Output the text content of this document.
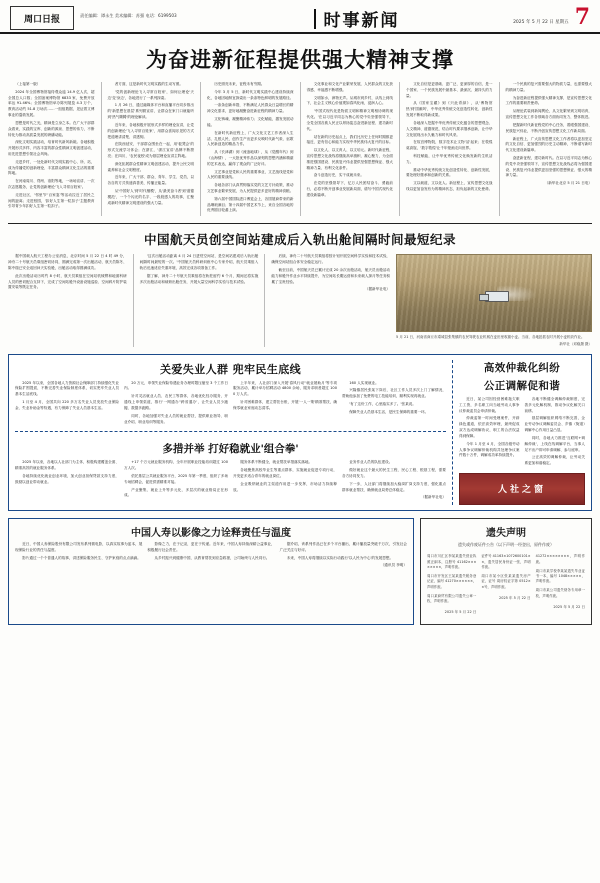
周口日报	责任编辑：谭永生 美术编辑：苏强 电话：6199503	时事新闻	2025 年 5 月 22 日 星期五 7
为奋进新征程提供强大精神支撑

（上接第一版）

2024 年全国博物馆接待观众逾 14.9 亿人次，超全国总人口数；全国备案博物馆 6833 家，免费开放率达 91.46%；全国博物馆举办陈列展览 4.3 万个，教育活动约 51.8 万场次……一组组数据，见证着文博事业的蓬勃发展。

思想是时代之光，精神是立身之本。在广大干部群众看来，实践的宝库、创新的源泉、思想的伟力，不断转化为推动高质量发展的磅礴动能。

深化文明实践活动，培育时代新风新貌。各地积极开展形式多样、内容丰富的群众性精神文明创建活动，用先进思想引领社会风尚。

走进乡村，一处处新时代文明实践中心、所、站，成为传播党的创新理论、丰富群众精神文化生活的重要阵地。

在河南周川、郑州、洛阳等地，一场场宣讲、一次次志愿服务，让党的创新理论'飞入寻常百姓家'。

走进社区，'邻里节''百家宴'等活动拉近了居民之间的距离；走进校园，'扣好人生第一粒扣子'主题教育引导青少年扣好人生第一粒扣子。

者方面，这是新时代文明实践的生动写照。

'党的创新理论飞入寻常百姓家'，如何让理论'天边'变'身边'，各地进行了一系列探索。

1 月 26 日，通过融媒体平台和直播平台同步推出的'新思想在基层'系列微宣讲，让群众在家门口就能听到'热气腾腾'的理论解读。

近年来，各地积极开展形式多样的理论宣讲，让党的创新理论'飞入寻常百姓家'，用群众喜闻乐见的方式把道理讲清楚、讲透彻。

在陕西延安，干部群众围坐在一起，用'板凳会'的形式交流学习体会；在浙江，'浙江宣讲'品牌不断擦亮；在四川，'农民夜校'成为基层理论宣讲主阵地。

深化拓展群众性精神文明创建活动，提升公民文明素养和社会文明程度。

近年来，广大干部、群众、青年、学生、党员，以各自的方式传递真善美、传播正能量。

从'中国好人'到'时代楷模'，从'最美奋斗者'到'道德模范'，一个个闪光的名字、一段段感人的故事，汇聚成新时代精神文明建设的强大力量。

历史照亮未来，征程未有穷期。

今年 3 月 5 日，新时代文明实践中心建设持续深化，各地因地制宜探索出一条条特色鲜明的发展路径。

一条条创新举措，不断满足人民群众日益增长的精神文化需求，更好地凝聚奋进新征程的精神力量。

文化铸魂，凝聚精神伟力；文化赋能，激发发展动能。

在新时代新征程上，广大文化文艺工作者深入生活、扎根人民，创作生产出更多反映时代新气象、讴歌人民新创造的精品力作。

从《长津湖》到《流浪地球》，从《觉醒年代》到《山海情》，一大批优秀作品以深刻的思想内涵和精湛的艺术表达，赢得了观众的广泛好评。

文艺事业是党和人民的重要事业，文艺战线是党和人民的重要战线。

各地各部门认真贯彻落实党的文艺方针政策，推动文艺事业繁荣发展，为人民提供更多更好的精神食粮。

第六届中国国际进口博览会上，各国展商带来的新品琳琅满目；第十四届中国艺术节上，来自全国各地的优秀剧目轮番上演。

文化事业和文化产业繁荣发展，人民群众的文化获得感、幸福感不断增强。

文明如水，润物无声。从城市到乡村，从线上到线下，社会主义核心价值观如春风化雨，浸润人心。

'中国式现代化是物质文明和精神文明相协调的现代化。'在以习近平同志为核心的党中央坚强领导下，全党全国各族人民正以昂扬姿态奋进新征程、建功新时代。

站在新的历史起点上，我们比历史上任何时期都更接近、更有信心和能力实现中华民族伟大复兴的目标。

以文化人、以文育人、以文培元。新时代新征程，宣传思想文化战线将继续高举旗帜、凝心聚力，为全面推进强国建设、民族复兴伟业提供坚强思想保证、强大精神力量、有利文化条件。

奋斗创造历史，实干成就未来。

在党的坚强领导下，亿万人民团结奋斗、勇毅前行，必将不断开创事业发展新局面，谱写中国式现代化建设新篇章。

文化自信是更基础、更广泛、更深厚的自信，是一个国家、一个民族发展中最基本、最深沉、最持久的力量。

从《国家宝藏》到《只此青绿》，从'博物馆热'到'国潮风'，中华优秀传统文化创造性转化、创新性发展不断取得新成果。

各地深入挖掘中华优秀传统文化蕴含的思想观念、人文精神、道德规范，结合时代要求继承创新，让中华文化展现出永久魅力和时代风采。

在故宫博物院，数字技术让文物'活'起来；在敦煌莫高窟，'数字敦煌'让千年壁画走向世界。

科技赋能，让中华优秀传统文化焕发新的生机活力。

推动中华优秀传统文化创造性转化、创新性发展，要处理好继承和创新的关系。

文以载道，文以化人。新征程上，宣传思想文化战线以更加奋发有为的精神状态，担负起新的文化使命。

一个民族的复兴需要强大的物质力量，也需要强大的精神力量。

为奋进新征程提供强大精神支撑，是宣传思想文化工作的重要职责使命。

从理论武装到新闻舆论，从文化繁荣到文明培育，宣传思想文化工作各领域各方面协同发力、整体推进。

把握新时代新征程党的中心任务，着眼强国建设、民族复兴伟业，不断开创宣传思想文化工作新局面。

新征程上，广大宣传思想文化工作者将以更加坚定的文化自信、更加强烈的历史主动精神，不断谱写新时代文化建设新篇章。

奋进新征程，建功新时代。在以习近平同志为核心的党中央坚强领导下，宣传思想文化战线必将为强国建设、民族复兴伟业提供更加坚强的思想保证、强大的精神力量。

（新华社北京 5 月 21 日电）

中国航天员创空间站建成后入轨出舱间隔时间最短纪录

据中国载人航天工程办公室消息，北京时间 5 月 22 日 4 时 49 分，神舟二十号航天员乘组密切协同，圆满完成第一次出舱活动，航天员陈冬、陈中瑞已安全返回问天实验舱，出舱活动取得圆满成功。

此次出舱活动历时约 8 小时，航天员乘组在空间站机械臂和地面科研人员的密切配合支持下，完成了空间站舱外设备设施巡检、空间碎片防护装置安装等既定任务。

'这次出舱活动距离 4 月 24 日进驻空间站，是空间站建成后入轨出舱间隔时间最短的一次。'中国航天员科研训练中心专家介绍，航天员乘组入轨后迅速适应失重环境，高效完成各项准备工作。

据了解，神舟二十号航天员乘组将在轨驻留约 6 个月，期间还将实施多次出舱活动和载荷出舱任务，开展大量空间科学实验与技术试验。

后续，神舟二十号航天员乘组将按计划开展空间科学实验和技术试验，确保空间站组合体安全稳定运行。

截至目前，中国航天员已累计完成 20 余次出舱活动，航天员出舱活动能力和舱外作业水平持续提升，为空间站长期运营和未来载人探月等任务积累了宝贵经验。

（据新华社电）

5 月 21 日，河南省商丘市虞城县张集镇的农民驾驶农业机械在麦田里收割小麦。当前，各地抢抓农时开展小麦机收作业。
新华社（邓稳摄 摄）
关爱失业人群 兜牢民生底线

2025 年以来，全国各地人力资源社会保障部门持续强化失业保险扩围提质，不断完善失业保险制度体系，切实兜牢失业人员基本生活底线。

1 月至 4 月，全国共向 220 多万名失业人员发放失业保险金、失业补助金等待遇，有力保障了失业人员基本生活。

20 万元，申领失业保险待遇业务办理时限压缩至 3 个工作日内。

针对灵活就业人员、农民工等群体，各地优化经办服务，开通线上申领渠道，推行'一网通办''跨省通办'，让失业人员少跑腿、数据多跑路。

同时，各地加强对失业人员的就业帮扶，提供职业指导、职业介绍、职业培训等服务。

上半年来，人社部门深入开展'春风行动''就业援助月'等专项服务活动，累计举办招聘活动 4800 余场，服务求职者超过 1000 万人次。

针对困难群体，建立帮扶台账，开展'一人一策'精准帮扶，确保零就业家庭动态清零。

160 人实现就业。

兴隆镇居民张某下岗后，社区工作人员多次上门了解情况，帮助他参加了免费的电工技能培训，顺利实现再就业。

'有了这份工作，心里踏实多了。'张某说。

保障失业人员基本生活，是民生保障的重要一环。

多措并举 打好稳就业'组合拳'

2025 年以来，各地以人社部门为主体，积极构建覆盖全面、精准高效的就业服务体系。

各地持续优化就业创业环境，加大创业担保贷款支持力度，鼓励以创业带动就业。

+17 个万元就业服务机构，全年开展职业技能培训超过 100 万人次。

依托基层公共就业服务平台，2025 年第一季度，组织了多场专场招聘会，促进供需精准对接。

产业聚集、就业上升等多元化、多层次的就业格局正在形成。

服务体系不断健全，就业帮扶举措落实落地。

各地聚焦高校毕业生等重点群体，实施就业促进专项行动，开发更多适合青年的就业岗位。

企业吸纳就业的主渠道作用进一步发挥，市场活力持续释放。

业务作业人员的队伍建设。

做好就业这个最大的民生工程、民心工程、根基工程，需要各方协同发力。

下一步，人社部门将继续加大稳岗扩岗支持力度，强化重点群体就业帮扶，确保就业局势总体稳定。

（据新华社电）

高效仲裁化纠纷
公正调解促和谐

近日，某公司因经营困难拖欠职工工资，多名职工向当地劳动人事争议仲裁委员会申请仲裁。

仲裁委第一时间受理案件，开辟绿色通道，依法高效审理，最终促成双方达成调解协议，职工的合法权益得到保障。

今年 1 月至 4 月，全国各级劳动人事争议调解仲裁机构共处理争议案件数十万件，调解成功率持续提升。

各地不断健全调解仲裁制度，完善多元化解机制，推动争议化解关口前移。

基层调解组织网络不断完善，企业劳动争议调解委员会、乡镇（街道）调解中心作用日益凸显。

同时，各地大力推进'互联网+调解仲裁'，上线在线调解平台，当事人足不出户即可申请调解、参与庭审。

公正高效的调解仲裁，让劳动关系更加和谐稳定。

人社之窗
中国人寿以影像之力诠释责任与温度

近日，中国人寿保险股份有限公司发布系列微电影，以真实故事为蓝本，展现保险行业的责任与温度。

影片通过一个个普通人的故事，讲述保险服务民生、守护家庭的点点滴滴。

影像之力，在于记录，更在于传递。近年来，中国人寿持续深耕公益事业，积极履行社会责任。

从乡村振兴到健康中国，从教育帮扶到应急救援，公司始终与人民同行。

据介绍，该系列作品已在多个平台播出，累计播放量突破千万次，引发社会广泛关注与好评。

未来，中国人寿将继续以实际行动践行'以人民为中心'的发展思想。

（通讯员 李明）

遗失声明
遗失或作废证件公告（以下声明一经登出，原件作废）

周口市川汇区李某某遗失营业执照正副本，注册号 41162××××××××，声明作废。

周口市开发区王某某遗失税务登记证，编号 41270××××××，声明作废。

周口某商贸有限公司遗失公章一枚，声明作废。

2025 年 5 月 22 日

证件号 41163×1072600101××，遗失居民身份证一张，声明作废。

周口市某小区张某某遗失房产证，证号 周房权证字第 0512××号，声明作废。

2025 年 5 月 22 日

41272××××××××，声明作废。

周口市某学校李某某遗失毕业证书一本，编号 1048×××××，声明作废。

周口市某公司遗失财务专用章一枚，声明作废。

2025 年 5 月 22 日
